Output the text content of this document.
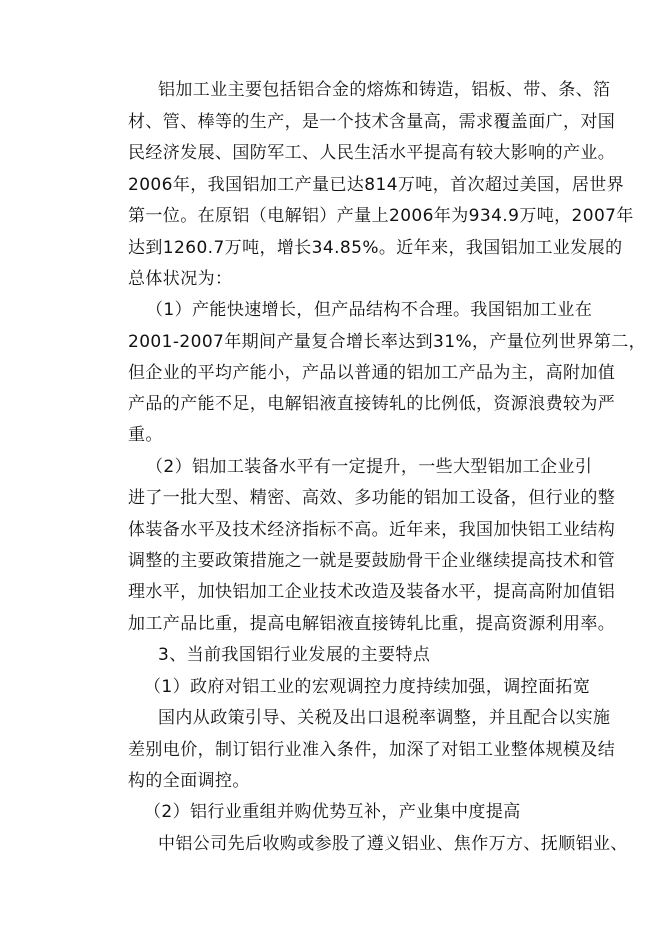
铝加工业主要包括铝合金的熔炼和铸造，铝板、带、条、箔
材、管、棒等的生产，是一个技术含量高，需求覆盖面广，对国
民经济发展、国防军工、人民生活水平提高有较大影响的产业。
2006年，我国铝加工产量已达814万吨，首次超过美国，居世界
第一位。在原铝（电解铝）产量上2006年为934.9万吨，2007年
达到1260.7万吨，增长34.85%。近年来，我国铝加工业发展的
总体状况为：
（1）产能快速增长，但产品结构不合理。我国铝加工业在
2001-2007年期间产量复合增长率达到31%，产量位列世界第二，
但企业的平均产能小，产品以普通的铝加工产品为主，高附加值
产品的产能不足，电解铝液直接铸轧的比例低，资源浪费较为严
重。
（2）铝加工装备水平有一定提升，一些大型铝加工企业引
进了一批大型、精密、高效、多功能的铝加工设备，但行业的整
体装备水平及技术经济指标不高。近年来，我国加快铝工业结构
调整的主要政策措施之一就是要鼓励骨干企业继续提高技术和管
理水平，加快铝加工企业技术改造及装备水平，提高高附加值铝
加工产品比重，提高电解铝液直接铸轧比重，提高资源利用率。
3、当前我国铝行业发展的主要特点
（1）政府对铝工业的宏观调控力度持续加强，调控面拓宽
国内从政策引导、关税及出口退税率调整，并且配合以实施
差别电价，制订铝行业准入条件，加深了对铝工业整体规模及结
构的全面调控。
（2）铝行业重组并购优势互补，产业集中度提高
中铝公司先后收购或参股了遵义铝业、焦作万方、抚顺铝业、
